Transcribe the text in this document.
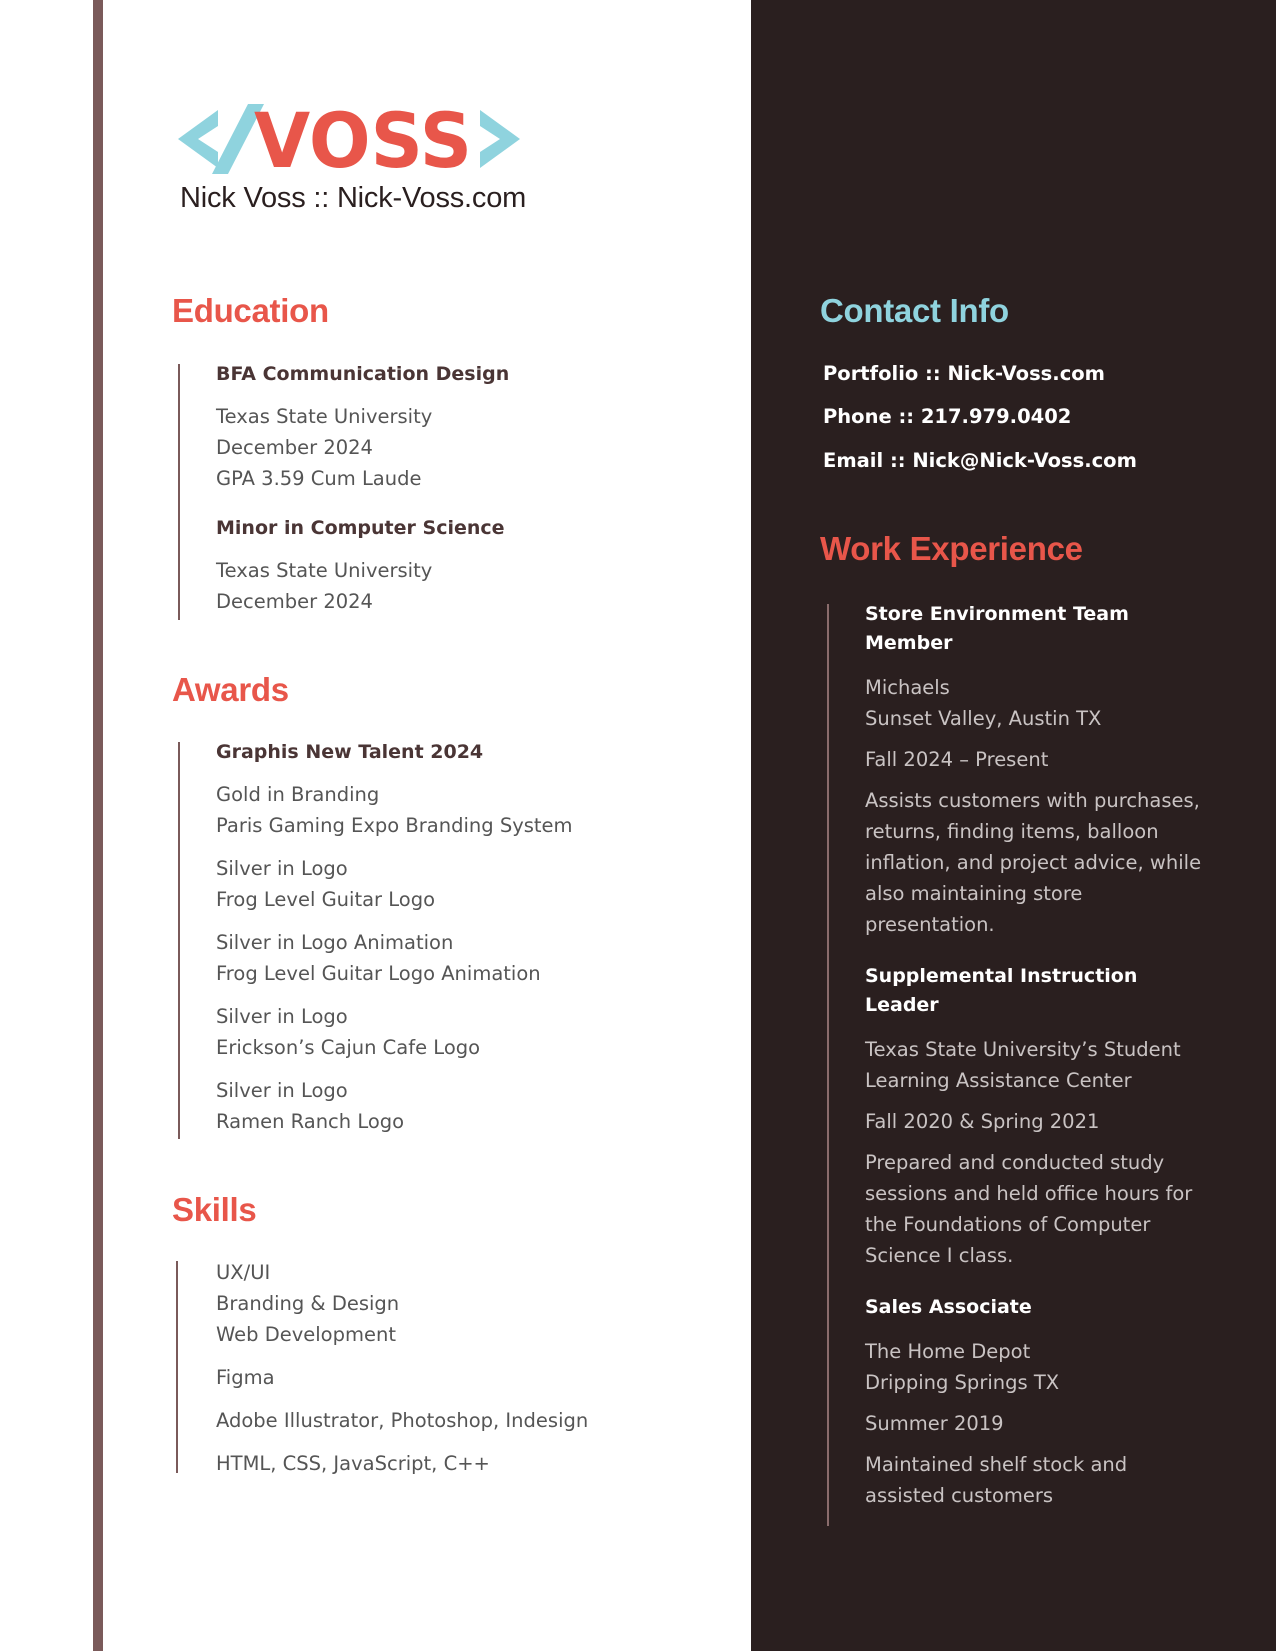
VOSS
Nick Voss :: Nick-Voss.com
Education
BFA Communication Design
Texas State University
December 2024
GPA 3.59 Cum Laude
Minor in Computer Science
Texas State University
December 2024
Awards
Graphis New Talent 2024
Gold in Branding
Paris Gaming Expo Branding System
Silver in Logo
Frog Level Guitar Logo
Silver in Logo Animation
Frog Level Guitar Logo Animation
Silver in Logo
Erickson’s Cajun Cafe Logo
Silver in Logo
Ramen Ranch Logo
Skills
UX/UI
Branding & Design
Web Development
Figma
Adobe Illustrator, Photoshop, Indesign
HTML, CSS, JavaScript, C++
Contact Info
Portfolio :: Nick-Voss.com
Phone :: 217.979.0402
Email :: Nick@Nick-Voss.com
Work Experience
Store Environment Team Member
Michaels
Sunset Valley, Austin TX
Fall 2024 – Present
Assists customers with purchases, returns, finding items, balloon inflation, and project advice, while also maintaining store presentation.
Supplemental Instruction Leader
Texas State University’s Student Learning Assistance Center
Fall 2020 & Spring 2021
Prepared and conducted study sessions and held office hours for the Foundations of Computer Science I class.
Sales Associate
The Home Depot
Dripping Springs TX
Summer 2019
Maintained shelf stock and assisted customers
